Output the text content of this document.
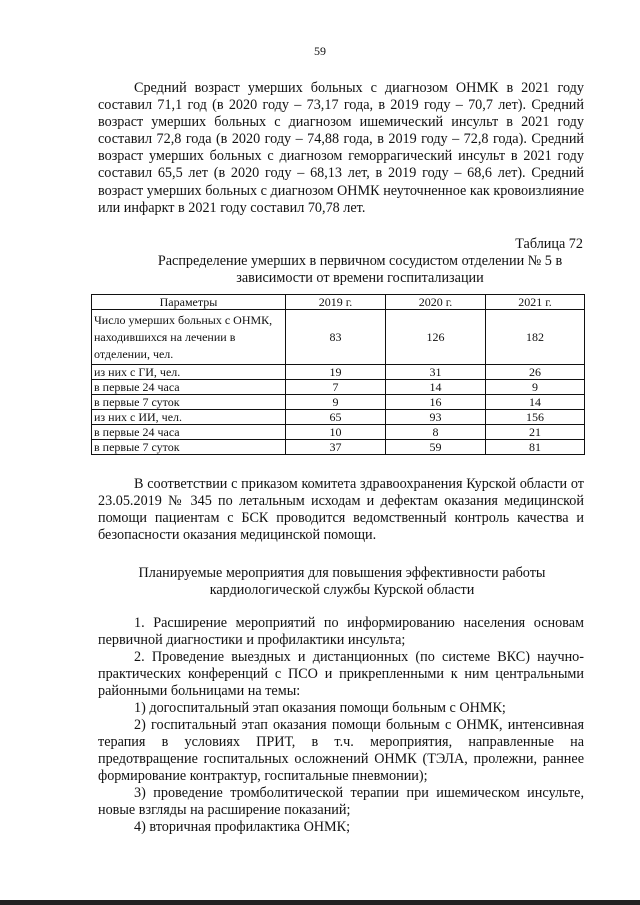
59

Средний возраст умерших больных с диагнозом ОНМК в 2021 году составил 71,1 год (в 2020 году – 73,17 года, в 2019 году – 70,7 лет). Средний возраст умерших больных с диагнозом ишемический инсульт в 2021 году составил 72,8 года (в 2020 году – 74,88 года, в 2019 году – 72,8 года). Средний возраст умерших больных с диагнозом геморрагический инсульт в 2021 году составил 65,5 лет (в 2020 году – 68,13 лет, в 2019 году – 68,6 лет). Средний возраст умерших больных с диагнозом ОНМК неуточненное как кровоизлияние или инфаркт в 2021 году составил 70,78 лет.

Таблица 72
Распределение умерших в первичном сосудистом отделении № 5 в зависимости от времени госпитализации
Параметры	2019 г.	2020 г.	2021 г.
Число умерших больных с ОНМК, находившихся на лечении в отделении, чел.	83	126	182
из них с ГИ, чел.	19	31	26
в первые 24 часа	7	14	9
в первые 7 суток	9	16	14
из них с ИИ, чел.	65	93	156
в первые 24 часа	10	8	21
в первые 7 суток	37	59	81

В соответствии с приказом комитета здравоохранения Курской области от 23.05.2019 № 345 по летальным исходам и дефектам оказания медицинской помощи пациентам с БСК проводится ведомственный контроль качества и безопасности оказания медицинской помощи.

Планируемые мероприятия для повышения эффективности работы кардиологической службы Курской области

1. Расширение мероприятий по информированию населения основам первичной диагностики и профилактики инсульта;

2. Проведение выездных и дистанционных (по системе ВКС) научно-практических конференций с ПСО и прикрепленными к ним центральными районными больницами на темы:

1) догоспитальный этап оказания помощи больным с ОНМК;

2) госпитальный этап оказания помощи больным с ОНМК, интенсивная терапия в условиях ПРИТ, в т.ч. мероприятия, направленные на предотвращение госпитальных осложнений ОНМК (ТЭЛА, пролежни, раннее формирование контрактур, госпитальные пневмонии);

3) проведение тромболитической терапии при ишемическом инсульте, новые взгляды на расширение показаний;

4) вторичная профилактика ОНМК;
